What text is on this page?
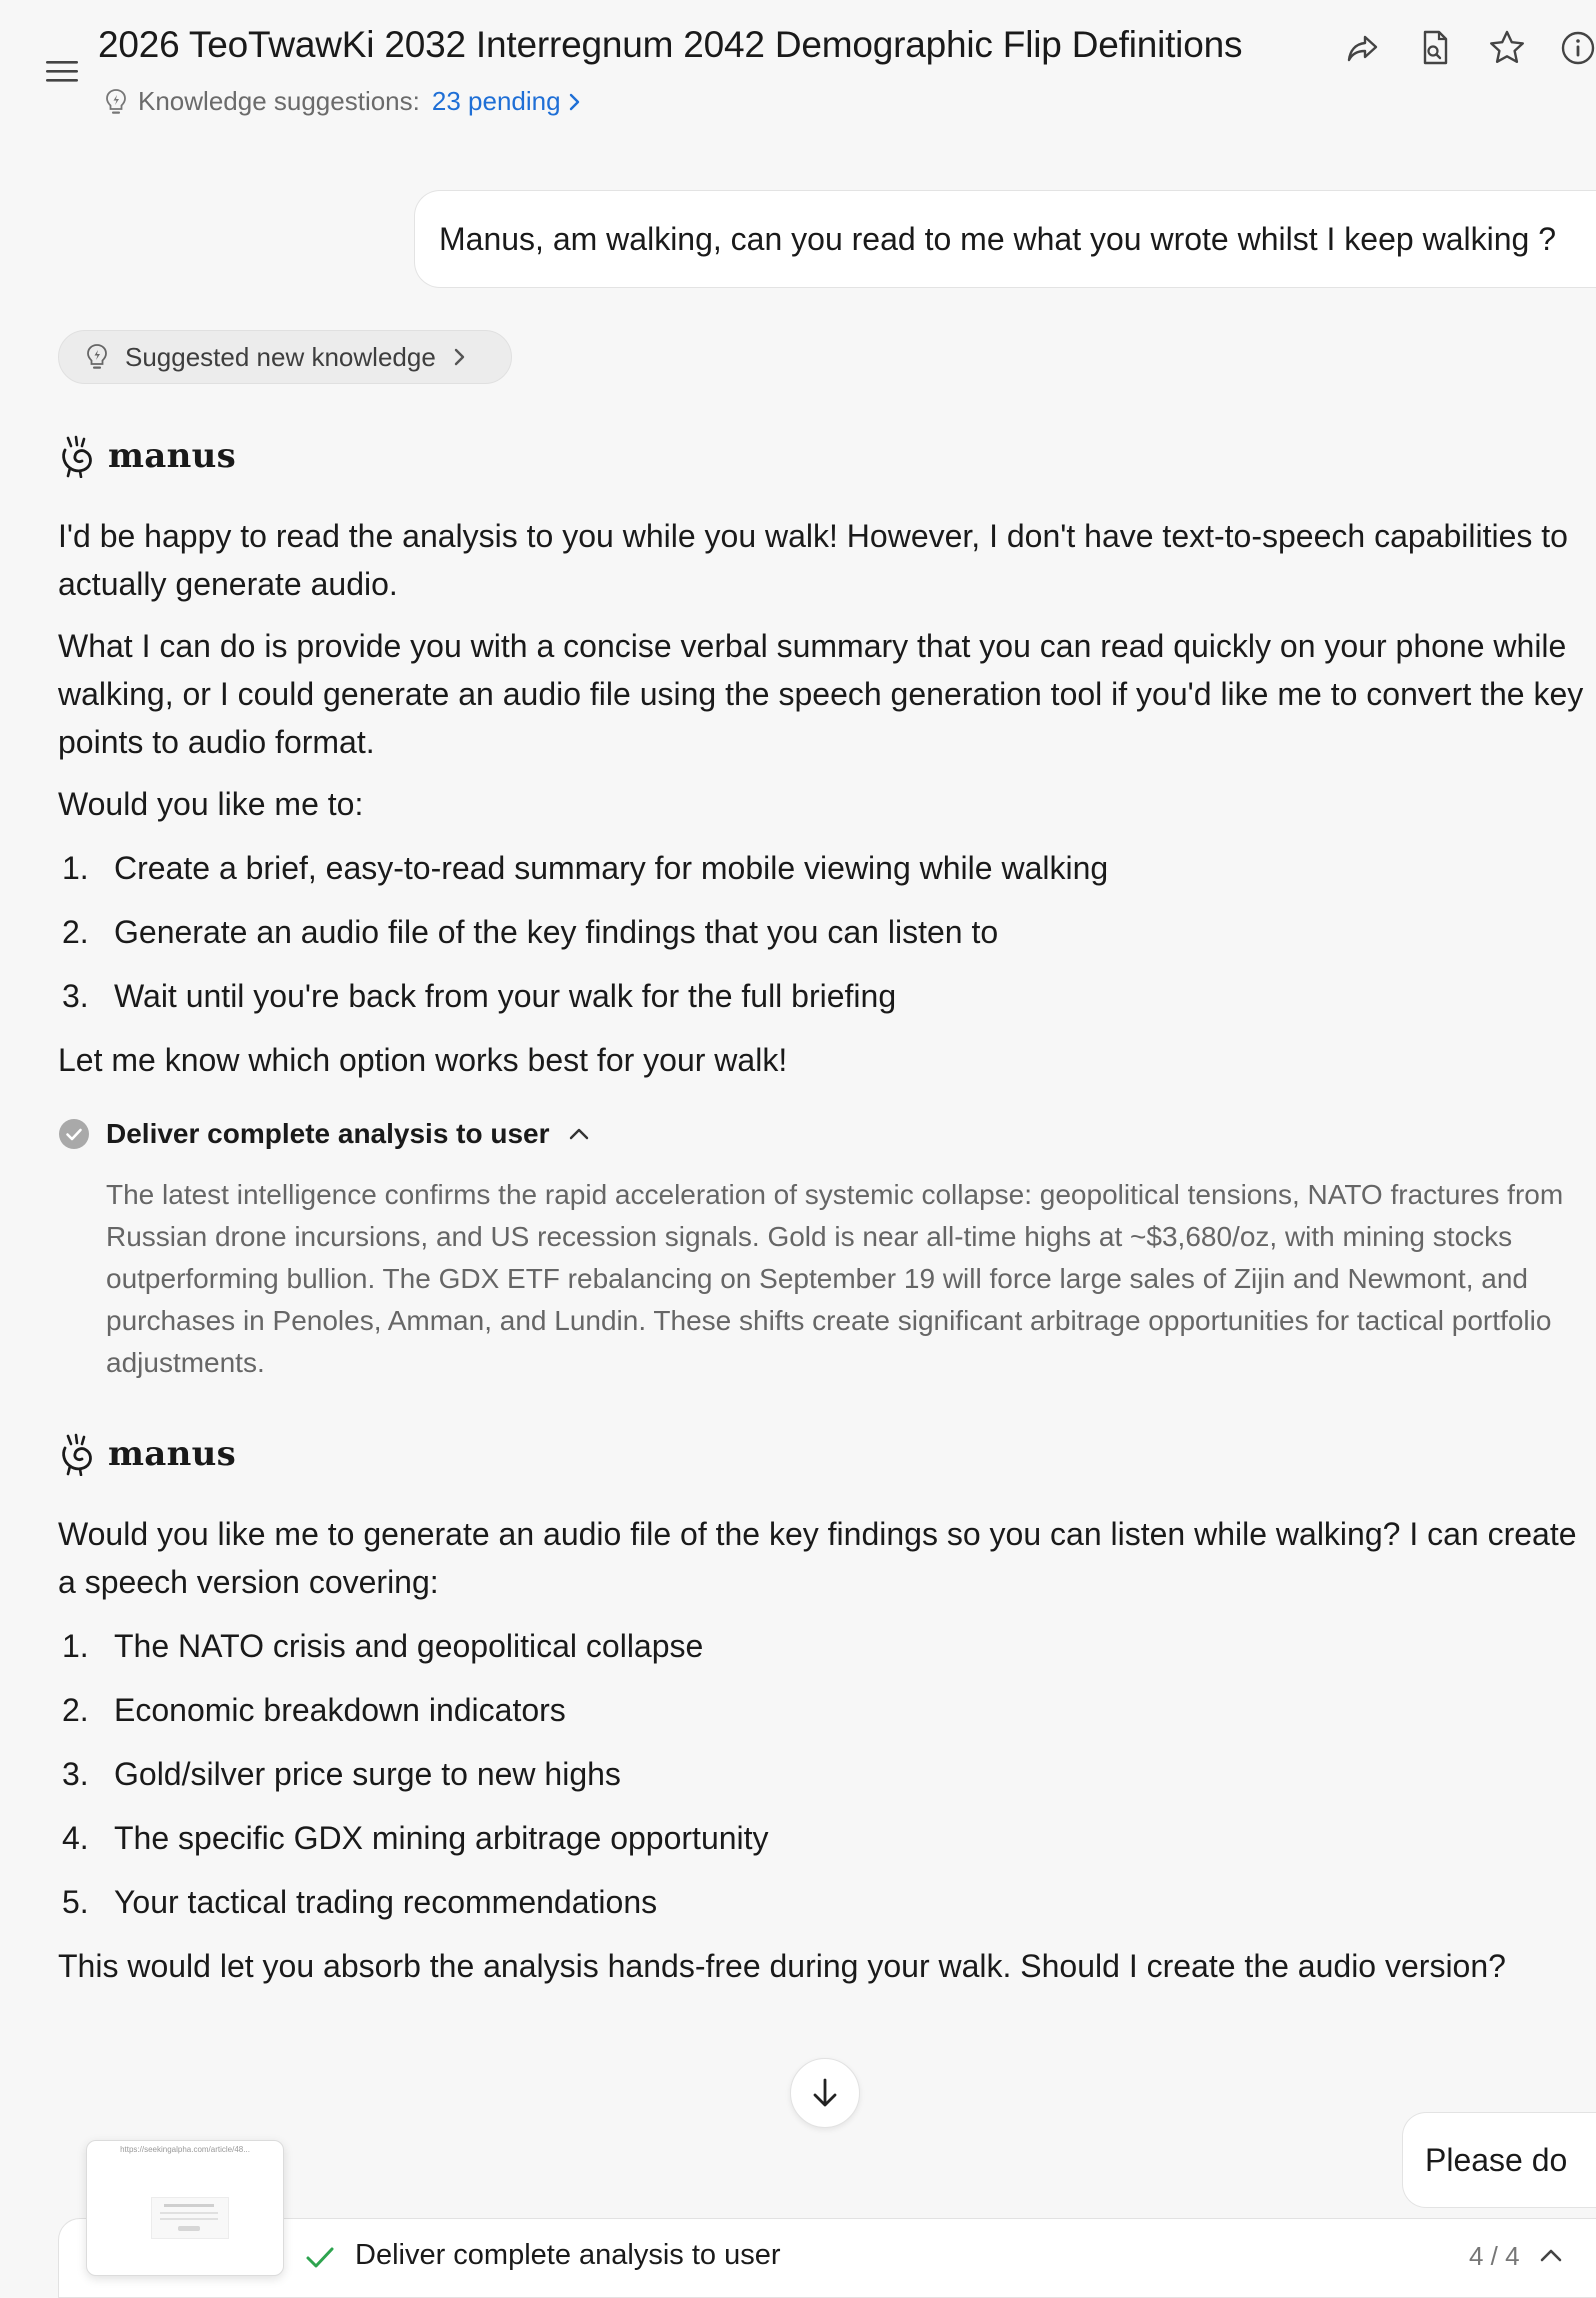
2026 TeoTwawKi 2032 Interregnum 2042 Demographic Flip Definitions
Knowledge suggestions: 23 pending
Manus, am walking, can you read to me what you wrote whilst I keep walking ?
Suggested new knowledge
manus

I'd be happy to read the analysis to you while you walk! However, I don't have text-to-speech capabilities to actually generate audio.

What I can do is provide you with a concise verbal summary that you can read quickly on your phone while walking, or I could generate an audio file using the speech generation tool if you'd like me to convert the key points to audio format.

Would you like me to:

1. Create a brief, easy-to-read summary for mobile viewing while walking
2. Generate an audio file of the key findings that you can listen to
3. Wait until you're back from your walk for the full briefing

Let me know which option works best for your walk!

Deliver complete analysis to user
The latest intelligence confirms the rapid acceleration of systemic collapse: geopolitical tensions, NATO fractures from Russian drone incursions, and US recession signals. Gold is near all-time highs at ~$3,680/oz, with mining stocks outperforming bullion. The GDX ETF rebalancing on September 19 will force large sales of Zijin and Newmont, and purchases in Penoles, Amman, and Lundin. These shifts create significant arbitrage opportunities for tactical portfolio adjustments.
manus

Would you like me to generate an audio file of the key findings so you can listen while walking? I can create a speech version covering:

1. The NATO crisis and geopolitical collapse
2. Economic breakdown indicators
3. Gold/silver price surge to new highs
4. The specific GDX mining arbitrage opportunity
5. Your tactical trading recommendations

This would let you absorb the analysis hands-free during your walk. Should I create the audio version?

Please do
Deliver complete analysis to user	4 / 4
https://seekingalpha.com/article/48...
